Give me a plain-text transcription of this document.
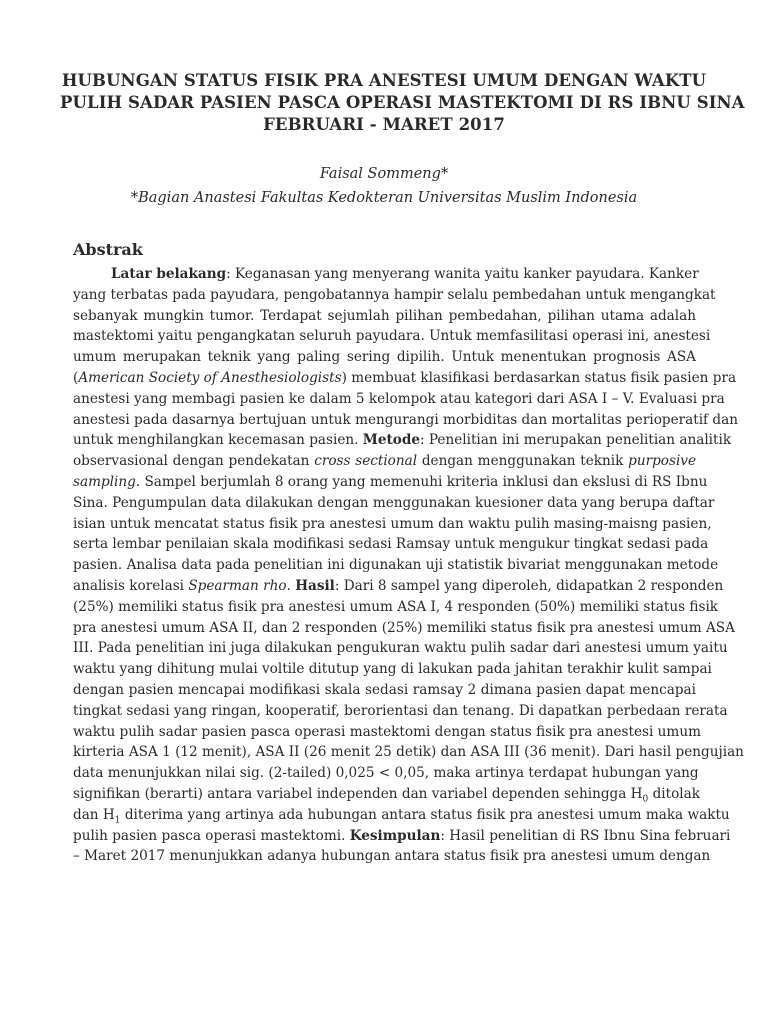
HUBUNGAN STATUS FISIK PRA ANESTESI UMUM DENGAN WAKTU
PULIH SADAR PASIEN PASCA OPERASI MASTEKTOMI DI RS IBNU SINA
FEBRUARI - MARET 2017

Faisal Sommeng*

*Bagian Anastesi Fakultas Kedokteran Universitas Muslim Indonesia

Abstrak
Latar belakang: Keganasan yang menyerang wanita yaitu kanker payudara. Kanker
yang terbatas pada payudara, pengobatannya hampir selalu pembedahan untuk mengangkat
sebanyak mungkin tumor. Terdapat sejumlah pilihan pembedahan, pilihan utama adalah
mastektomi yaitu pengangkatan seluruh payudara. Untuk memfasilitasi operasi ini, anestesi
umum merupakan teknik yang paling sering dipilih. Untuk menentukan prognosis ASA
(American Society of Anesthesiologists) membuat klasifikasi berdasarkan status fisik pasien pra
anestesi yang membagi pasien ke dalam 5 kelompok atau kategori dari ASA I – V. Evaluasi pra
anestesi pada dasarnya bertujuan untuk mengurangi morbiditas dan mortalitas perioperatif dan
untuk menghilangkan kecemasan pasien. Metode: Penelitian ini merupakan penelitian analitik
observasional dengan pendekatan cross sectional dengan menggunakan teknik purposive
sampling. Sampel berjumlah 8 orang yang memenuhi kriteria inklusi dan ekslusi di RS Ibnu
Sina. Pengumpulan data dilakukan dengan menggunakan kuesioner data yang berupa daftar
isian untuk mencatat status fisik pra anestesi umum dan waktu pulih masing-maisng pasien,
serta lembar penilaian skala modifikasi sedasi Ramsay untuk mengukur tingkat sedasi pada
pasien. Analisa data pada penelitian ini digunakan uji statistik bivariat menggunakan metode
analisis korelasi Spearman rho. Hasil: Dari 8 sampel yang diperoleh, didapatkan 2 responden
(25%) memiliki status fisik pra anestesi umum ASA I, 4 responden (50%) memiliki status fisik
pra anestesi umum ASA II, dan 2 responden (25%) memiliki status fisik pra anestesi umum ASA
III. Pada penelitian ini juga dilakukan pengukuran waktu pulih sadar dari anestesi umum yaitu
waktu yang dihitung mulai voltile ditutup yang di lakukan pada jahitan terakhir kulit sampai
dengan pasien mencapai modifikasi skala sedasi ramsay 2 dimana pasien dapat mencapai
tingkat sedasi yang ringan, kooperatif, berorientasi dan tenang. Di dapatkan perbedaan rerata
waktu pulih sadar pasien pasca operasi mastektomi dengan status fisik pra anestesi umum
kirteria ASA 1 (12 menit), ASA II (26 menit 25 detik) dan ASA III (36 menit). Dari hasil pengujian
data menunjukkan nilai sig. (2-tailed) 0,025 < 0,05, maka artinya terdapat hubungan yang
signifikan (berarti) antara variabel independen dan variabel dependen sehingga $H_0$ ditolak
dan $H_1$ diterima yang artinya ada hubungan antara status fisik pra anestesi umum maka waktu
pulih pasien pasca operasi mastektomi. Kesimpulan: Hasil penelitian di RS Ibnu Sina februari
– Maret 2017 menunjukkan adanya hubungan antara status fisik pra anestesi umum dengan
